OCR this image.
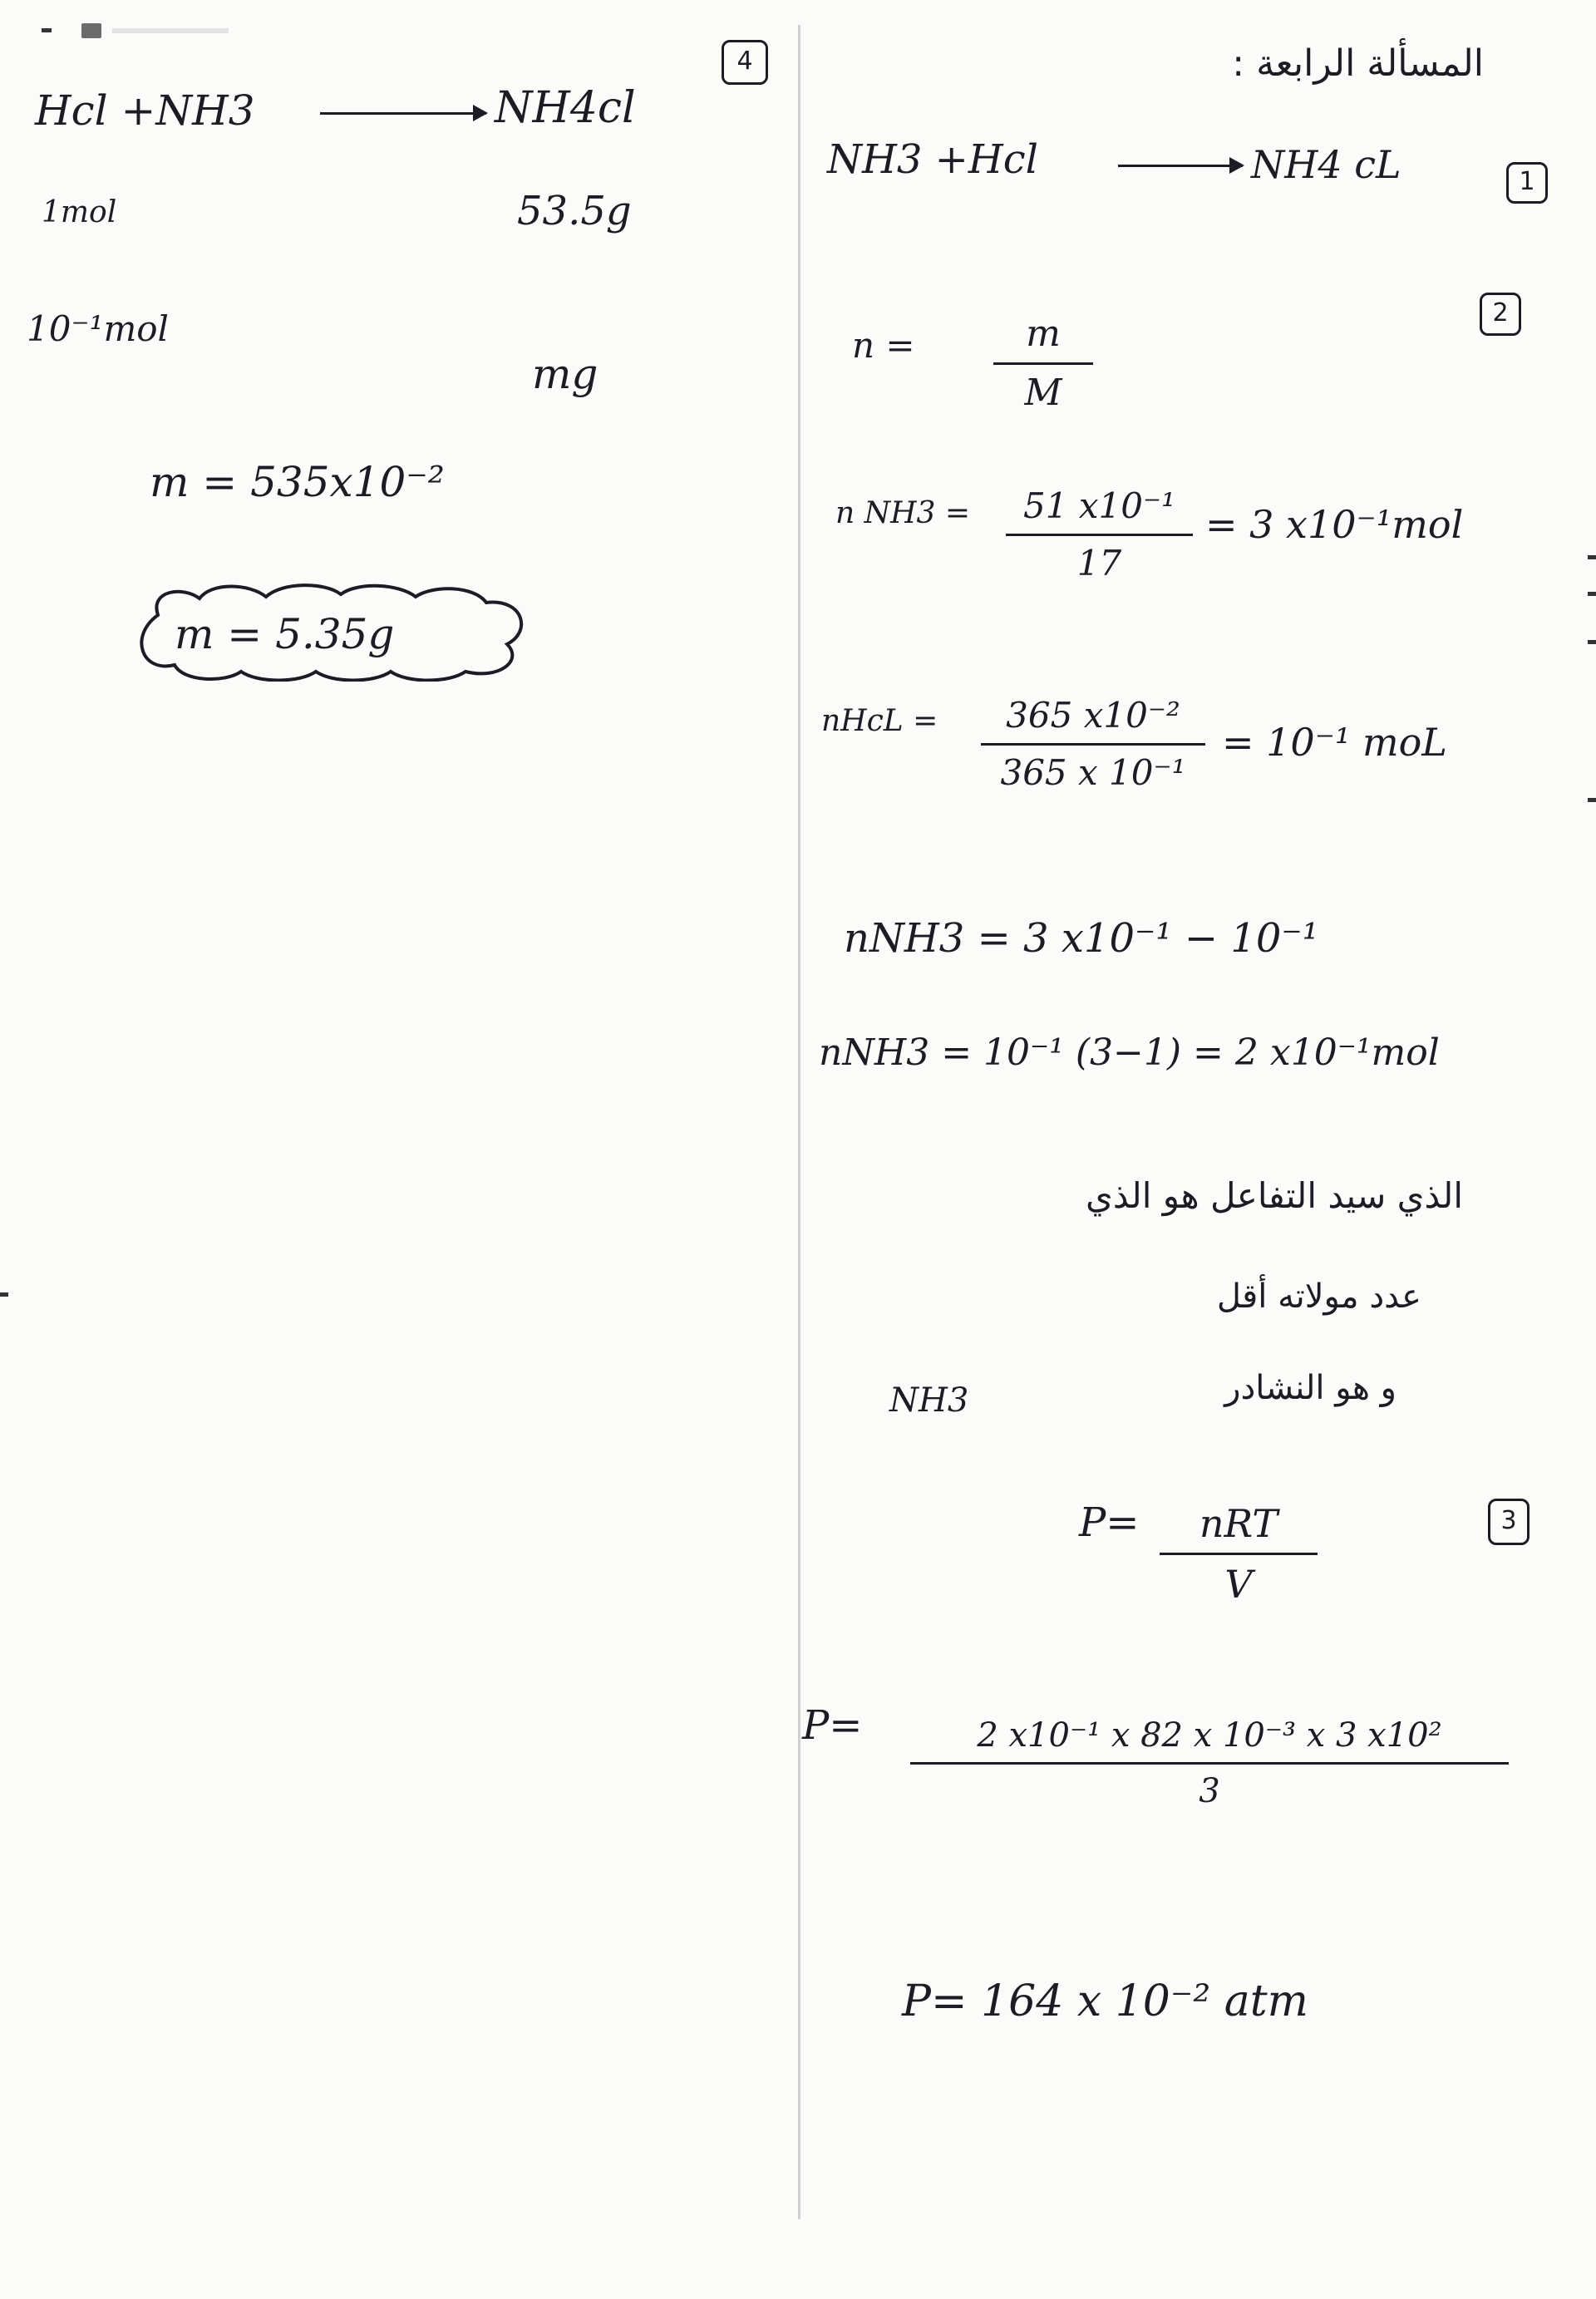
4
Hcl +NH3	NH4cl
1mol	53.5g
10⁻¹mol
mg
m = 535x10⁻²
m = 5.35g
المسألة الرابعة :
NH3 +Hcl	NH4 cL	1
2
n =	m
M
n NH3 =	51 x10⁻¹
17
= 3 x10⁻¹mol
nHcL =	365 x10⁻²
365 x 10⁻¹
= 10⁻¹ moL
nNH3 = 3 x10⁻¹ − 10⁻¹
nNH3 = 10⁻¹ (3−1) = 2 x10⁻¹mol
الذي سيد التفاعل هو الذي
عدد مولاته أقل
NH3	و هو النشادر
3
P=	nRT
V
P=	2 x10⁻¹ x 82 x 10⁻³ x 3 x10²
3
P= 164 x 10⁻² atm
